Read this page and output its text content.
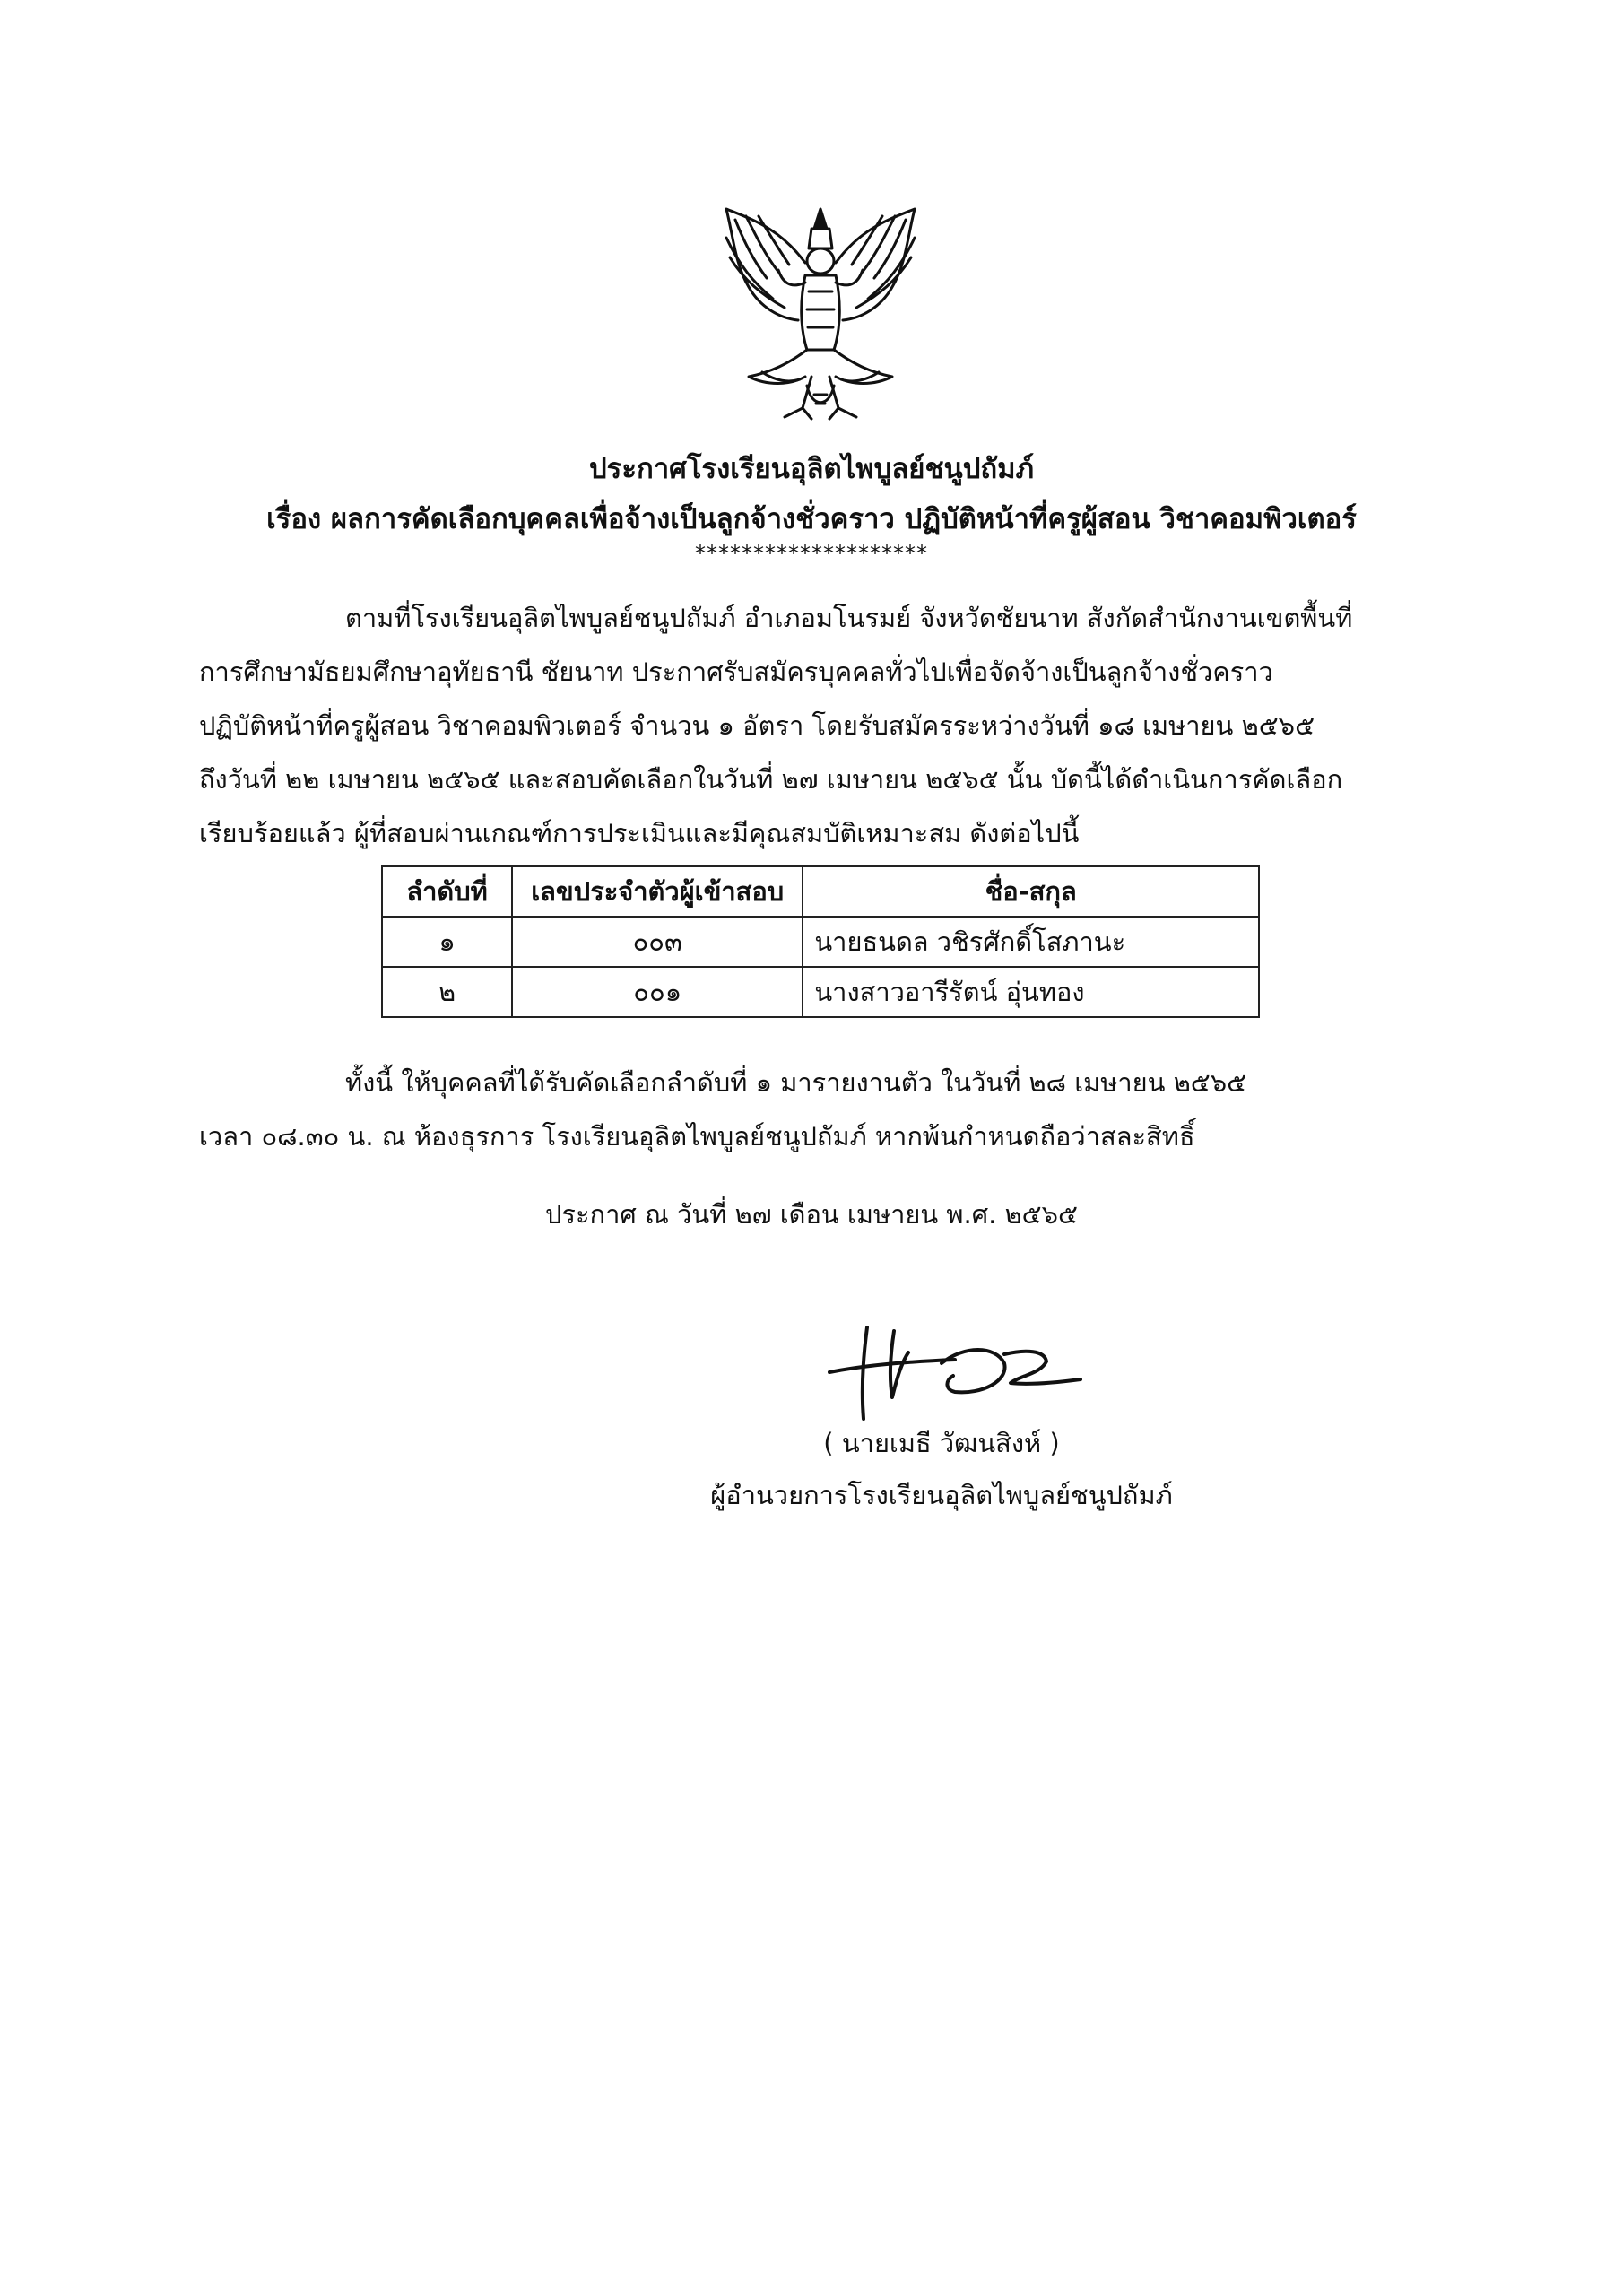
ประกาศโรงเรียนอุลิตไพบูลย์ชนูปถัมภ์
เรื่อง ผลการคัดเลือกบุคคลเพื่อจ้างเป็นลูกจ้างชั่วคราว ปฏิบัติหน้าที่ครูผู้สอน วิชาคอมพิวเตอร์
********************
ตามที่โรงเรียนอุลิตไพบูลย์ชนูปถัมภ์ อำเภอมโนรมย์ จังหวัดชัยนาท สังกัดสำนักงานเขตพื้นที่
การศึกษามัธยมศึกษาอุทัยธานี ชัยนาท ประกาศรับสมัครบุคคลทั่วไปเพื่อจัดจ้างเป็นลูกจ้างชั่วคราว
ปฏิบัติหน้าที่ครูผู้สอน วิชาคอมพิวเตอร์ จำนวน ๑ อัตรา โดยรับสมัครระหว่างวันที่ ๑๘ เมษายน ๒๕๖๕
ถึงวันที่ ๒๒ เมษายน ๒๕๖๕ และสอบคัดเลือกในวันที่ ๒๗ เมษายน ๒๕๖๕ นั้น บัดนี้ได้ดำเนินการคัดเลือก
เรียบร้อยแล้ว ผู้ที่สอบผ่านเกณฑ์การประเมินและมีคุณสมบัติเหมาะสม ดังต่อไปนี้
ลำดับที่	เลขประจำตัวผู้เข้าสอบ	ชื่อ-สกุล
๑	๐๐๓	นายธนดล วชิรศักดิ์โสภานะ
๒	๐๐๑	นางสาวอารีรัตน์ อุ่นทอง
ทั้งนี้ ให้บุคคลที่ได้รับคัดเลือกลำดับที่ ๑ มารายงานตัว ในวันที่ ๒๘ เมษายน ๒๕๖๕
เวลา ๐๘.๓๐ น. ณ ห้องธุรการ โรงเรียนอุลิตไพบูลย์ชนูปถัมภ์ หากพ้นกำหนดถือว่าสละสิทธิ์
ประกาศ ณ วันที่ ๒๗ เดือน เมษายน พ.ศ. ๒๕๖๕
( นายเมธี วัฒนสิงห์ )
ผู้อำนวยการโรงเรียนอุลิตไพบูลย์ชนูปถัมภ์
